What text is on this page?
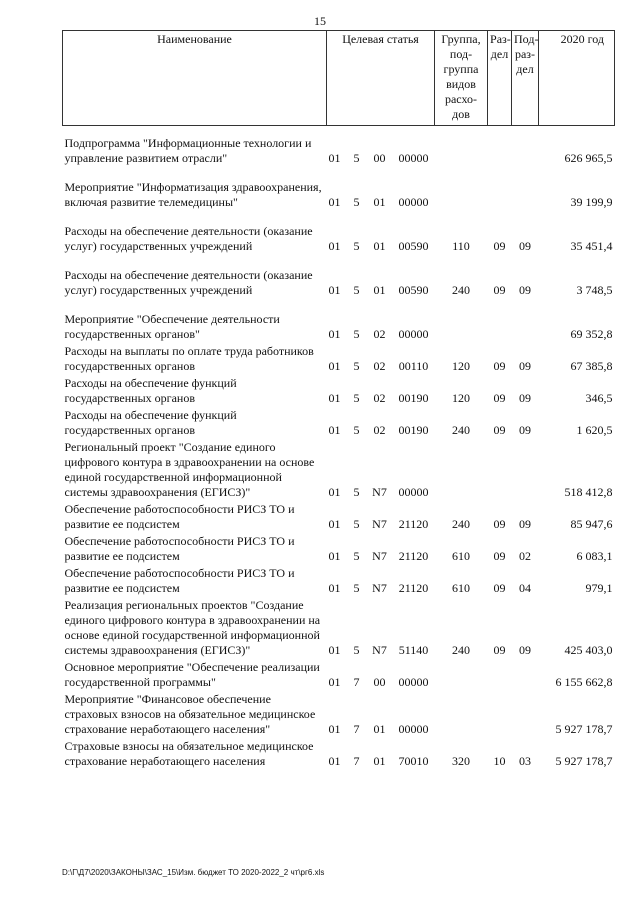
15
Наименование	Целевая статья				Группа, под-группа видов расхо-дов	Раз-дел	Под-раз-дел	2020 год

Подпрограмма "Информационные технологии и управление развитием отрасли"	01	5	00	00000				626 965,5

Мероприятие "Информатизация здравоохранения, включая развитие телемедицины"	01	5	01	00000				39 199,9

Расходы на обеспечение деятельности (оказание услуг) государственных учреждений	01	5	01	00590	110	09	09	35 451,4

Расходы на обеспечение деятельности (оказание услуг) государственных учреждений	01	5	01	00590	240	09	09	3 748,5

Мероприятие "Обеспечение деятельности государственных органов"	01	5	02	00000				69 352,8

Расходы на выплаты по оплате труда работников государственных органов	01	5	02	00110	120	09	09	67 385,8

Расходы на обеспечение функций государственных органов	01	5	02	00190	120	09	09	346,5

Расходы на обеспечение функций государственных органов	01	5	02	00190	240	09	09	1 620,5

Региональный проект "Создание единого цифрового контура в здравоохранении на основе единой государственной информационной системы здравоохранения (ЕГИСЗ)"	01	5	N7	00000				518 412,8

Обеспечение работоспособности РИСЗ ТО и развитие ее подсистем	01	5	N7	21120	240	09	09	85 947,6

Обеспечение работоспособности РИСЗ ТО и развитие ее подсистем	01	5	N7	21120	610	09	02	6 083,1

Обеспечение работоспособности РИСЗ ТО и развитие ее подсистем	01	5	N7	21120	610	09	04	979,1

Реализация региональных проектов "Создание единого цифрового контура в здравоохранении на основе единой государственной информационной системы здравоохранения (ЕГИСЗ)"	01	5	N7	51140	240	09	09	425 403,0

Основное мероприятие "Обеспечение реализации государственной программы"	01	7	00	00000				6 155 662,8

Мероприятие "Финансовое обеспечение страховых взносов на обязательное медицинское страхование неработающего населения"	01	7	01	00000				5 927 178,7

Страховые взносы на обязательное медицинское страхование неработающего населения	01	7	01	70010	320	10	03	5 927 178,7
D:\Г\Д7\2020\ЗАКОНЫ\ЗАС_15\Изм. бюджет ТО 2020-2022_2 чт\рг6.xls
